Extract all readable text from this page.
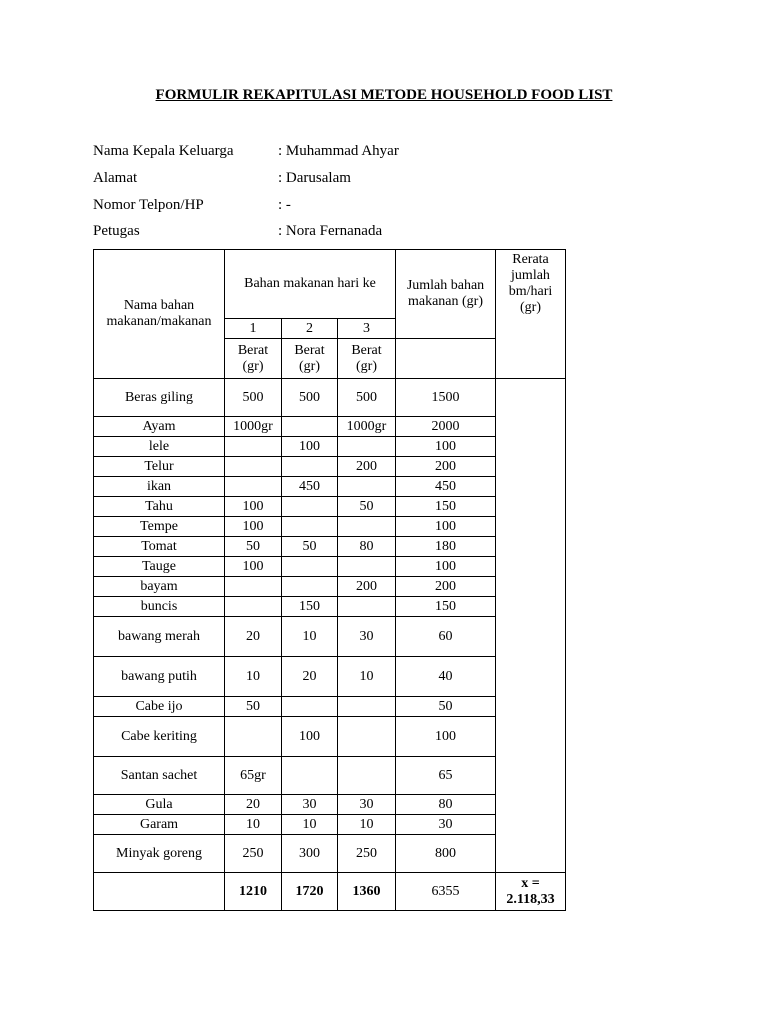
FORMULIR REKAPITULASI METODE HOUSEHOLD FOOD LIST
Nama Kepala Keluarga	: Muhammad Ahyar
Alamat	: Darusalam
Nomor Telpon/HP	: -
Petugas	: Nora Fernanada
Nama bahan makanan/makanan	Bahan makanan hari ke			Jumlah bahan makanan (gr)	Rerata jumlah bm/hari (gr)
	1	2	3		
	Berat (gr)	Berat (gr)	Berat (gr)		
Beras giling	500	500	500	1500	
Ayam	1000gr		1000gr	2000	
lele		100		100	
Telur			200	200	
ikan		450		450	
Tahu	100		50	150	
Tempe	100			100	
Tomat	50	50	80	180	
Tauge	100			100	
bayam			200	200	
buncis		150		150	
bawang merah	20	10	30	60	
bawang putih	10	20	10	40	
Cabe ijo	50			50	
Cabe keriting		100		100	
Santan sachet	65gr			65	
Gula	20	30	30	80	
Garam	10	10	10	30	
Minyak goreng	250	300	250	800	
	1210	1720	1360	6355	x = 2.118,33
